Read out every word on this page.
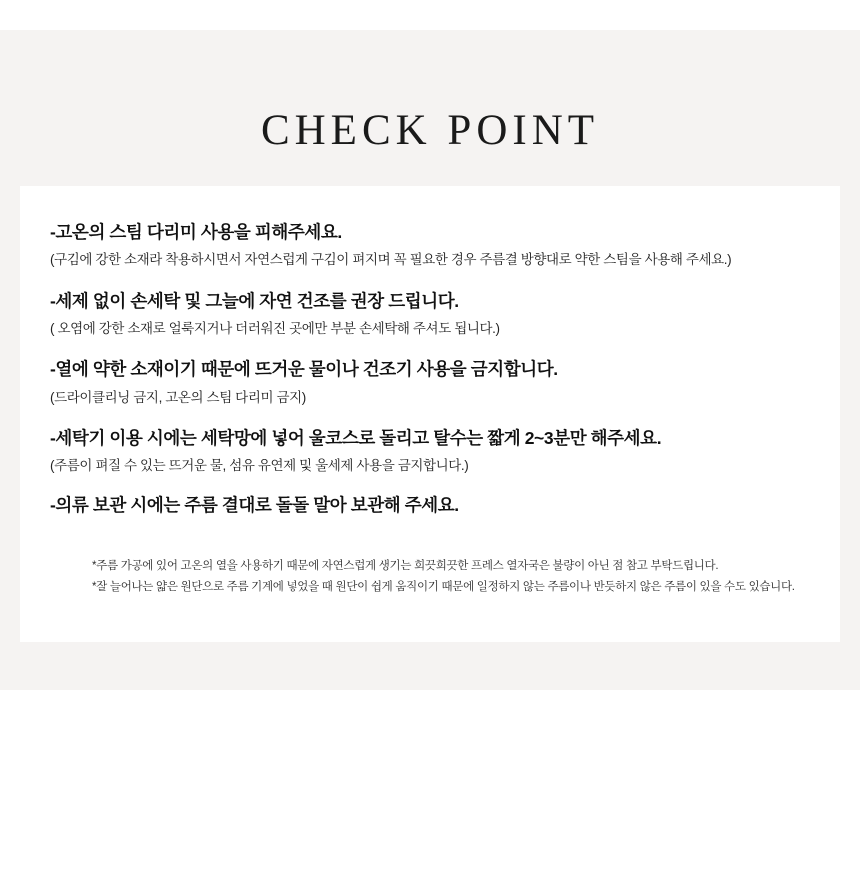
CHECK POINT

-고온의 스팀 다리미 사용을 피해주세요.

(구김에 강한 소재라 착용하시면서 자연스럽게 구김이 펴지며 꼭 필요한 경우 주름결 방향대로 약한 스팀을 사용해 주세요.)

-세제 없이 손세탁 및 그늘에 자연 건조를 권장 드립니다.

( 오염에 강한 소재로 얼룩지거나 더러워진 곳에만 부분 손세탁해 주셔도 됩니다.)

-열에 약한 소재이기 때문에 뜨거운 물이나 건조기 사용을 금지합니다.

(드라이클리닝 금지, 고온의 스팀 다리미 금지)

-세탁기 이용 시에는 세탁망에 넣어 울코스로 돌리고 탈수는 짧게 2~3분만 해주세요.

(주름이 펴질 수 있는 뜨거운 물, 섬유 유연제 및 울세제 사용을 금지합니다.)

-의류 보관 시에는 주름 결대로 돌돌 말아 보관해 주세요.

*주름 가공에 있어 고온의 열을 사용하기 때문에 자연스럽게 생기는 희끗희끗한 프레스 열자국은 불량이 아닌 점 참고 부탁드립니다.

*잘 늘어나는 얇은 원단으로 주름 기계에 넣었을 때 원단이 쉽게 움직이기 때문에 일정하지 않는 주름이나 반듯하지 않은 주름이 있을 수도 있습니다.
